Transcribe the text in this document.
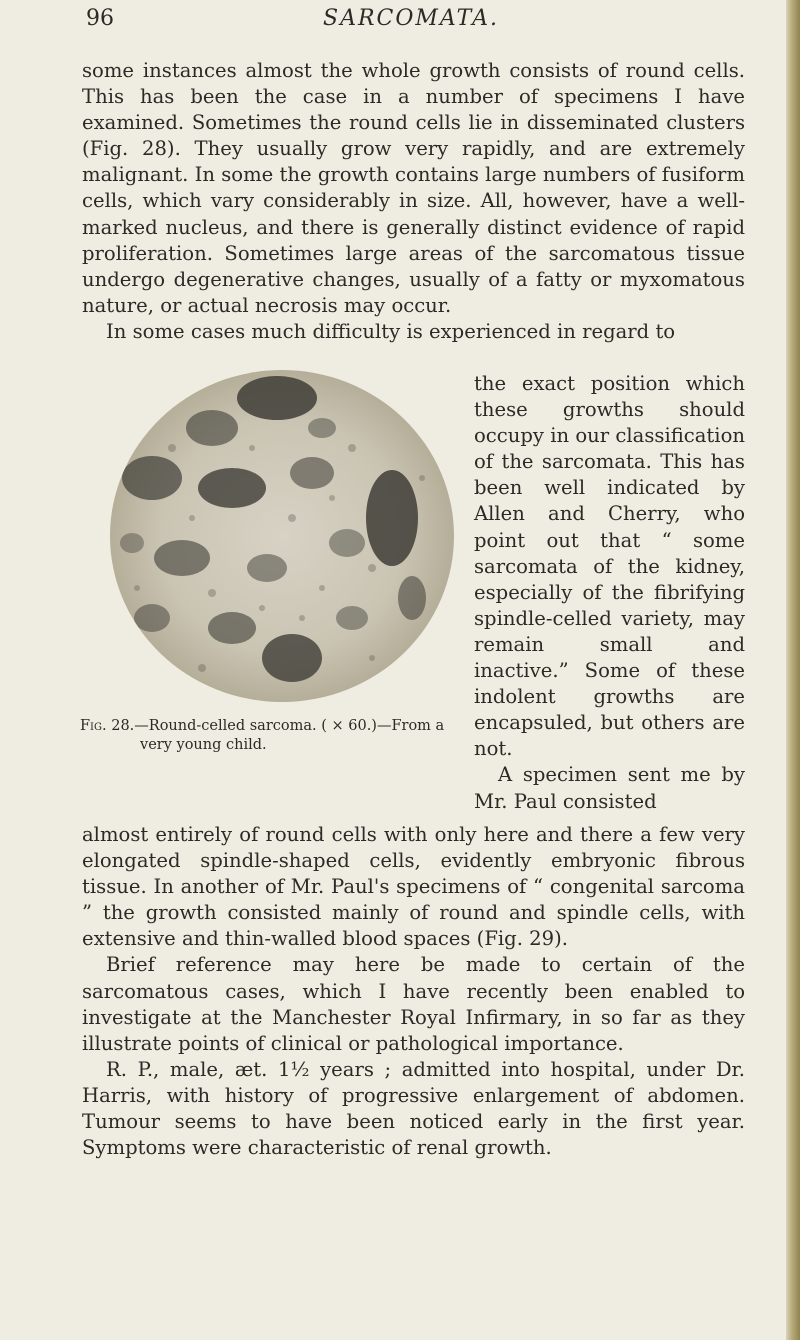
96	SARCOMATA.

some instances almost the whole growth consists of round cells. This has been the case in a number of specimens I have examined. Sometimes the round cells lie in disseminated clusters (Fig. 28). They usually grow very rapidly, and are extremely malignant. In some the growth contains large numbers of fusiform cells, which vary considerably in size. All, however, have a well-marked nucleus, and there is generally distinct evidence of rapid proliferation. Sometimes large areas of the sarcomatous tissue undergo degenerative changes, usually of a fatty or myxomatous nature, or actual necrosis may occur.

In some cases much difficulty is experienced in regard to

the exact position which these growths should occupy in our classification of the sarcomata. This has been well indicated by Allen and Cherry, who point out that “ some sarcomata of the kidney, especially of the fibrifying spindle-celled variety, may remain small and inactive.” Some of these indolent growths are encapsuled, but others are not.

A specimen sent me by Mr. Paul consisted

Fig. 28.—Round-celled sarcoma. ( × 60.)—From a
very young child.

almost entirely of round cells with only here and there a few very elongated spindle-shaped cells, evidently embryonic fibrous tissue. In another of Mr. Paul's specimens of “ congenital sarcoma ” the growth consisted mainly of round and spindle cells, with extensive and thin-walled blood spaces (Fig. 29).

Brief reference may here be made to certain of the sarcomatous cases, which I have recently been enabled to investigate at the Manchester Royal Infirmary, in so far as they illustrate points of clinical or pathological importance.

R. P., male, æt. 1½ years ; admitted into hospital, under Dr. Harris, with history of progressive enlargement of abdomen. Tumour seems to have been noticed early in the first year. Symptoms were characteristic of renal growth.
